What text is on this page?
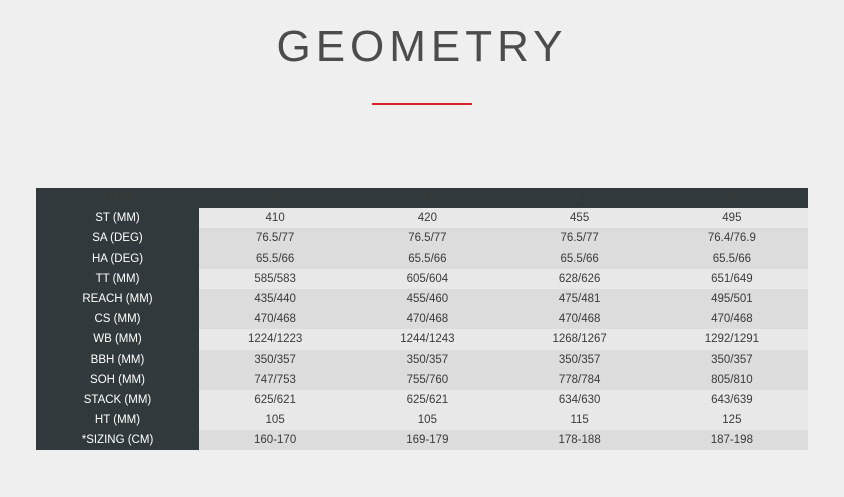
GEOMETRY
LO/HI	S	M	L	XL
ST (MM)	410	420	455	495
SA (DEG)	76.5/77	76.5/77	76.5/77	76.4/76.9
HA (DEG)	65.5/66	65.5/66	65.5/66	65.5/66
TT (MM)	585/583	605/604	628/626	651/649
REACH (MM)	435/440	455/460	475/481	495/501
CS (MM)	470/468	470/468	470/468	470/468
WB (MM)	1224/1223	1244/1243	1268/1267	1292/1291
BBH (MM)	350/357	350/357	350/357	350/357
SOH (MM)	747/753	755/760	778/784	805/810
STACK (MM)	625/621	625/621	634/630	643/639
HT (MM)	105	105	115	125
*SIZING (CM)	160-170	169-179	178-188	187-198
